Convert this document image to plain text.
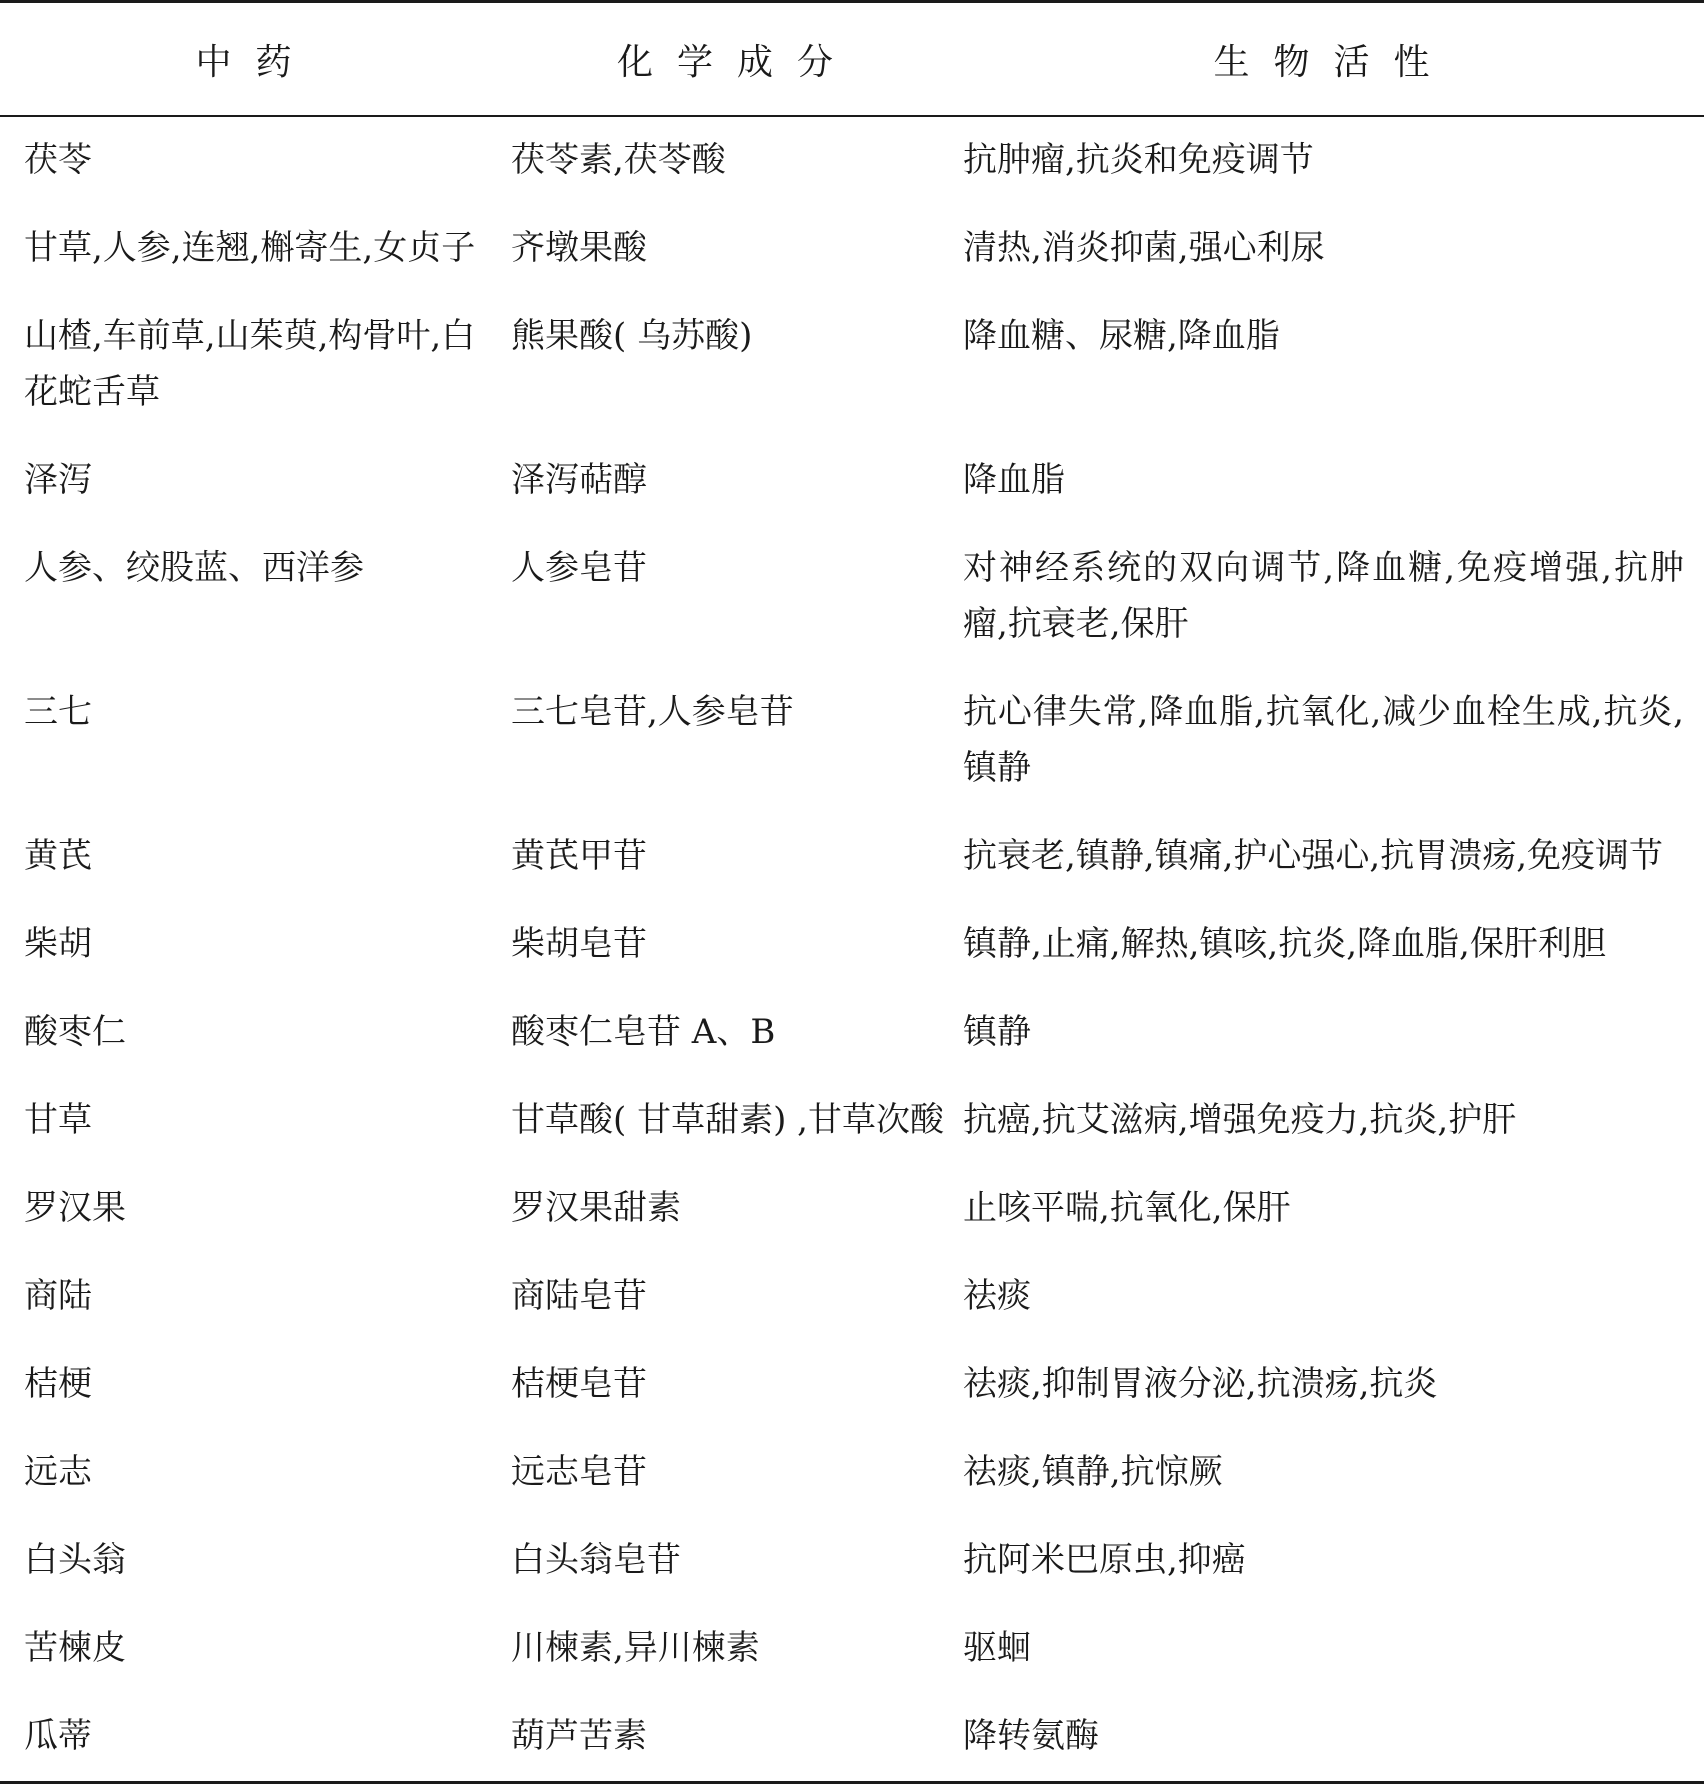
中药	化学成分	生物活性
茯苓	茯苓素,茯苓酸	抗肿瘤,抗炎和免疫调节
甘草,人参,连翘,槲寄生,女贞子	齐墩果酸	清热,消炎抑菌,强心利尿
山楂,车前草,山茱萸,构骨叶,白花蛇舌草	熊果酸( 乌苏酸)	降血糖、尿糖,降血脂
泽泻	泽泻萜醇	降血脂
人参、绞股蓝、西洋参	人参皂苷	对神经系统的双向调节,降血糖,免疫增强,抗肿瘤,抗衰老,保肝
三七	三七皂苷,人参皂苷	抗心律失常,降血脂,抗氧化,减少血栓生成,抗炎,镇静
黄芪	黄芪甲苷	抗衰老,镇静,镇痛,护心强心,抗胃溃疡,免疫调节
柴胡	柴胡皂苷	镇静,止痛,解热,镇咳,抗炎,降血脂,保肝利胆
酸枣仁	酸枣仁皂苷 A、B	镇静
甘草	甘草酸( 甘草甜素) ,甘草次酸	抗癌,抗艾滋病,增强免疫力,抗炎,护肝
罗汉果	罗汉果甜素	止咳平喘,抗氧化,保肝
商陆	商陆皂苷	祛痰
桔梗	桔梗皂苷	祛痰,抑制胃液分泌,抗溃疡,抗炎
远志	远志皂苷	祛痰,镇静,抗惊厥
白头翁	白头翁皂苷	抗阿米巴原虫,抑癌
苦楝皮	川楝素,异川楝素	驱蛔
瓜蒂	葫芦苦素	降转氨酶
